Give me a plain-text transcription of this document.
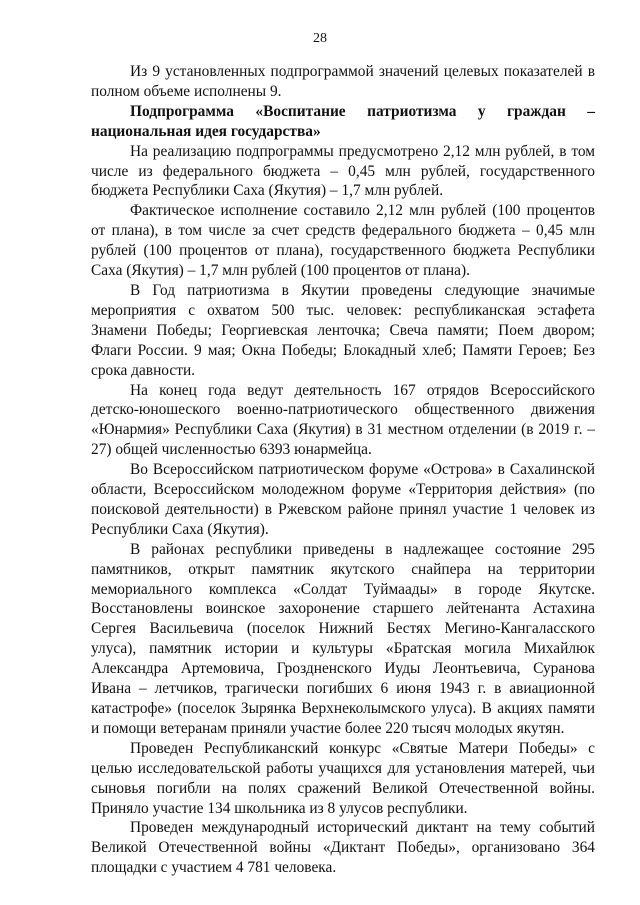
28

Из 9 установленных подпрограммой значений целевых показателей в полном объеме исполнены 9.

Подпрограмма «Воспитание патриотизма у граждан – национальная идея государства»

На реализацию подпрограммы предусмотрено 2,12 млн рублей, в том числе из федерального бюджета – 0,45 млн рублей, государственного бюджета Республики Саха (Якутия) – 1,7 млн рублей.

Фактическое исполнение составило 2,12 млн рублей (100 процентов от плана), в том числе за счет средств федерального бюджета – 0,45 млн рублей (100 процентов от плана), государственного бюджета Республики Саха (Якутия) – 1,7 млн рублей (100 процентов от плана).

В Год патриотизма в Якутии проведены следующие значимые мероприятия с охватом 500 тыс. человек: республиканская эстафета Знамени Победы; Георгиевская ленточка; Свеча памяти; Поем двором; Флаги России. 9 мая; Окна Победы; Блокадный хлеб; Памяти Героев; Без срока давности.

На конец года ведут деятельность 167 отрядов Всероссийского детско-юношеского военно-патриотического общественного движения «Юнармия» Республики Саха (Якутия) в 31 местном отделении (в 2019 г. – 27) общей численностью 6393 юнармейца.

Во Всероссийском патриотическом форуме «Острова» в Сахалинской области, Всероссийском молодежном форуме «Территория действия» (по поисковой деятельности) в Ржевском районе принял участие 1 человек из Республики Саха (Якутия).

В районах республики приведены в надлежащее состояние 295 памятников, открыт памятник якутского снайпера на территории мемориального комплекса «Солдат Туймаады» в городе Якутске. Восстановлены воинское захоронение старшего лейтенанта Астахина Сергея Васильевича (поселок Нижний Бестях Мегино-Кангаласского улуса), памятник истории и культуры «Братская могила Михайлюк Александра Артемовича, Гроздненского Иуды Леонтьевича, Суранова Ивана – летчиков, трагически погибших 6 июня 1943 г. в авиационной катастрофе» (поселок Зырянка Верхнеколымского улуса). В акциях памяти и помощи ветеранам приняли участие более 220 тысяч молодых якутян.

Проведен Республиканский конкурс «Святые Матери Победы» с целью исследовательской работы учащихся для установления матерей, чьи сыновья погибли на полях сражений Великой Отечественной войны. Приняло участие 134 школьника из 8 улусов республики.

Проведен международный исторический диктант на тему событий Великой Отечественной войны «Диктант Победы», организовано 364 площадки с участием 4 781 человека.
